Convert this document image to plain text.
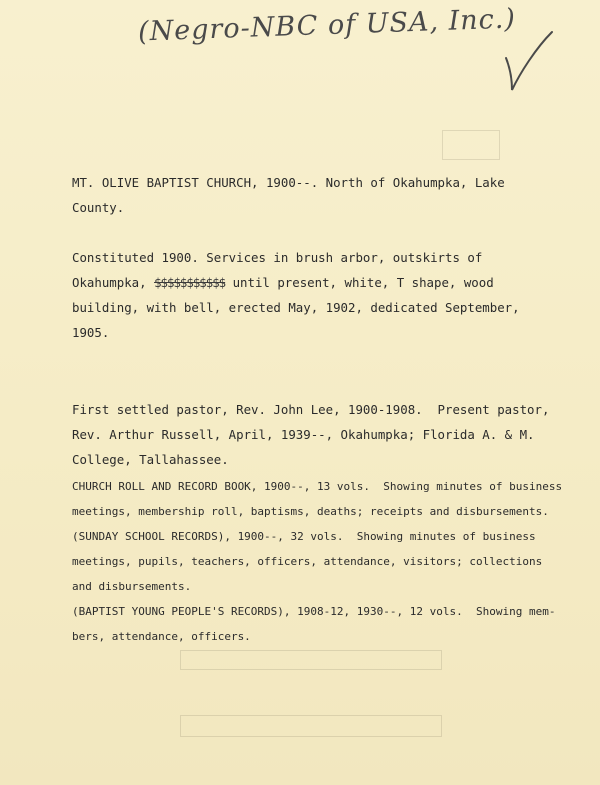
(Negro-NBC of USA, Inc.)

MT. OLIVE BAPTIST CHURCH, 1900--. North of Okahumpka, Lake

County.

Constituted 1900. Services in brush arbor, outskirts of

Okahumpka, $$$$$$$$$$$ until present, white, T shape, wood

building, with bell, erected May, 1902, dedicated September,

1905.

First settled pastor, Rev. John Lee, 1900-1908.  Present pastor,

Rev. Arthur Russell, April, 1939--, Okahumpka; Florida A. & M.

College, Tallahassee.

CHURCH ROLL AND RECORD BOOK, 1900--, 13 vols.  Showing minutes of business

meetings, membership roll, baptisms, deaths; receipts and disbursements.

(SUNDAY SCHOOL RECORDS), 1900--, 32 vols.  Showing minutes of business

meetings, pupils, teachers, officers, attendance, visitors; collections

and disbursements.

(BAPTIST YOUNG PEOPLE'S RECORDS), 1908-12, 1930--, 12 vols.  Showing mem-

bers, attendance, officers.
